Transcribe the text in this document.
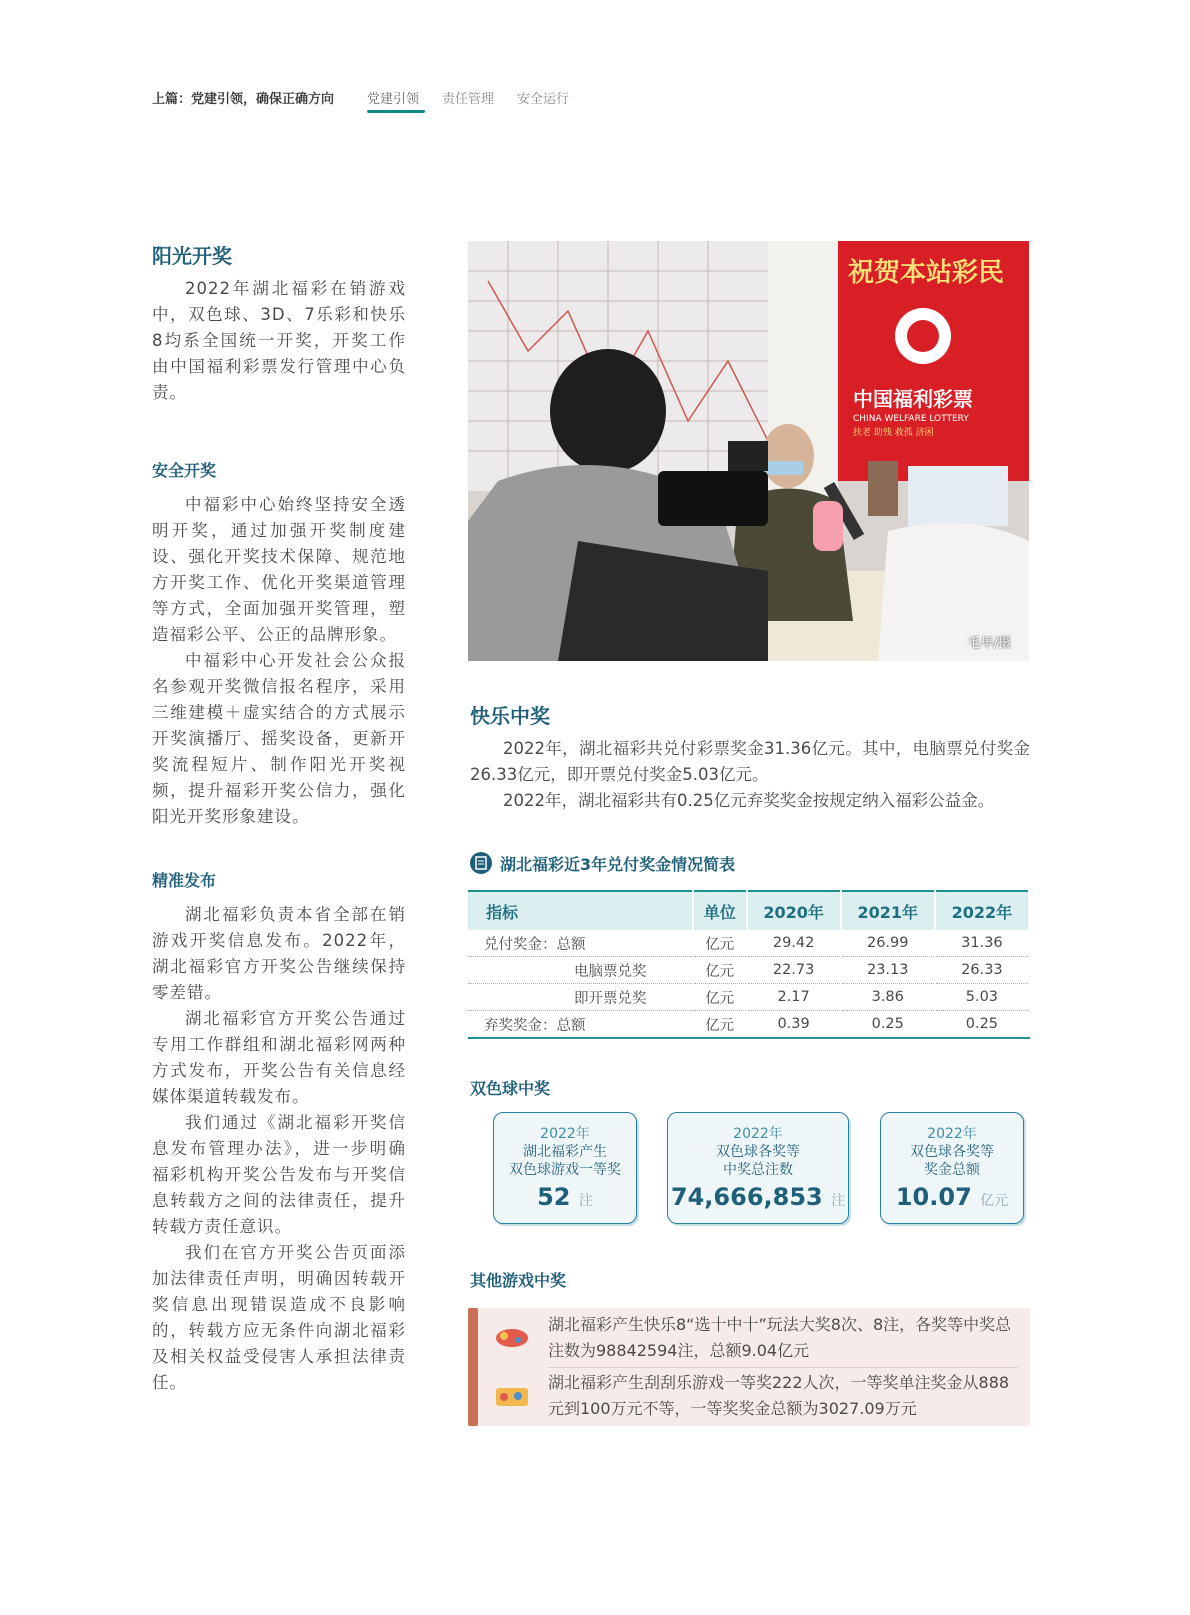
上篇：党建引领，确保正确方向	党建引领 责任管理 安全运行
阳光开奖

2022年湖北福彩在销游戏中，双色球、3D、7乐彩和快乐8均系全国统一开奖，开奖工作由中国福利彩票发行管理中心负责。

安全开奖

中福彩中心始终坚持安全透明开奖，通过加强开奖制度建设、强化开奖技术保障、规范地方开奖工作、优化开奖渠道管理等方式，全面加强开奖管理，塑造福彩公平、公正的品牌形象。

中福彩中心开发社会公众报名参观开奖微信报名程序，采用三维建模＋虚实结合的方式展示开奖演播厅、摇奖设备，更新开奖流程短片、制作阳光开奖视频，提升福彩开奖公信力，强化阳光开奖形象建设。

精准发布

湖北福彩负责本省全部在销游戏开奖信息发布。2022年，湖北福彩官方开奖公告继续保持零差错。

湖北福彩官方开奖公告通过专用工作群组和湖北福彩网两种方式发布，开奖公告有关信息经媒体渠道转载发布。

我们通过《湖北福彩开奖信息发布管理办法》，进一步明确福彩机构开奖公告发布与开奖信息转载方之间的法律责任，提升转载方责任意识。

我们在官方开奖公告页面添加法律责任声明，明确因转载开奖信息出现错误造成不良影响的，转载方应无条件向湖北福彩及相关权益受侵害人承担法律责任。

祝贺本站彩民
中国福利彩票
CHINA WELFARE LOTTERY
扶老 助残 救孤 济困
毛早/摄
快乐中奖

2022年，湖北福彩共兑付彩票奖金31.36亿元。其中，电脑票兑付奖金26.33亿元，即开票兑付奖金5.03亿元。

2022年，湖北福彩共有0.25亿元弃奖奖金按规定纳入福彩公益金。

湖北福彩近3年兑付奖金情况简表
指标	单位	2020年	2021年	2022年
兑付奖金：总额	亿元	29.42	26.99	31.36
电脑票兑奖	亿元	22.73	23.13	26.33
即开票兑奖	亿元	2.17	3.86	5.03
弃奖奖金：总额	亿元	0.39	0.25	0.25
双色球中奖
2022年
湖北福彩产生
双色球游戏一等奖
52 注
2022年
双色球各奖等
中奖总注数
74,666,853 注
2022年
双色球各奖等
奖金总额
10.07 亿元
其他游戏中奖
湖北福彩产生快乐8“选十中十”玩法大奖8次、8注，各奖等中奖总注数为98842594注，总额9.04亿元
湖北福彩产生刮刮乐游戏一等奖222人次，一等奖单注奖金从888元到100万元不等，一等奖奖金总额为3027.09万元
